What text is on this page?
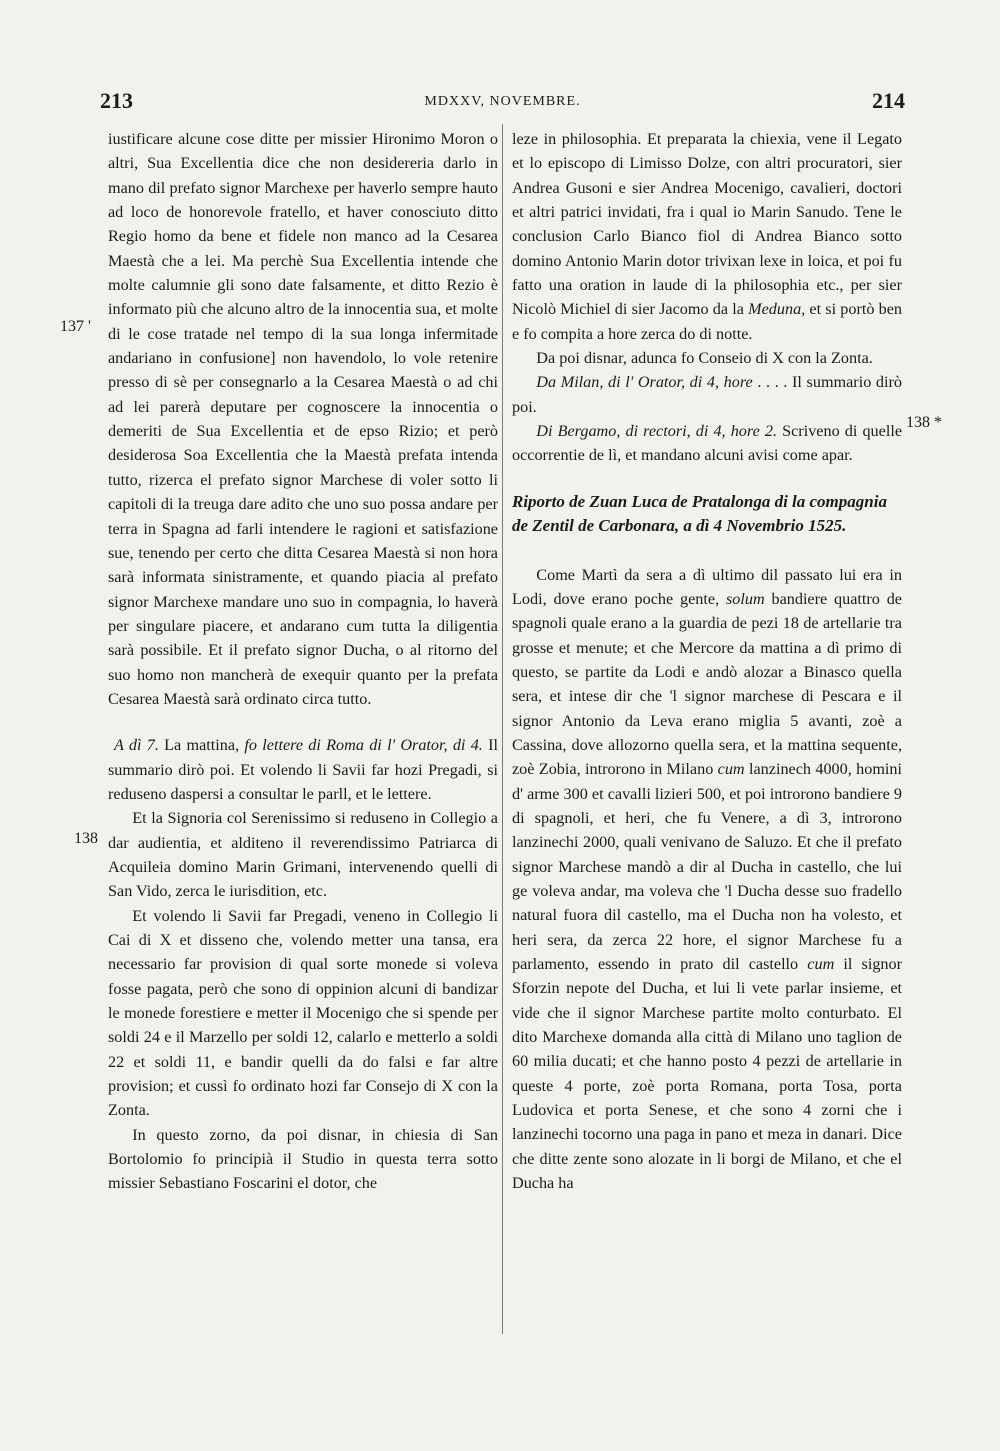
213	MDXXV, NOVEMBRE.	214
137 '
138
138 *

iustificare alcune cose ditte per missier Hironimo Moron o altri, Sua Excellentia dice che non desidereria darlo in mano dil prefato signor Marchexe per haverlo sempre hauto ad loco de honorevole fratello, et haver conosciuto ditto Regio homo da bene et fidele non manco ad la Cesarea Maestà che a lei. Ma perchè Sua Excellentia intende che molte calumnie gli sono date falsamente, et ditto Rezio è informato più che alcuno altro de la innocentia sua, et molte di le cose tratade nel tempo di la sua longa infermitade andariano in confusione] non havendolo, lo vole retenire presso di sè per consegnarlo a la Cesarea Maestà o ad chi ad lei parerà deputare per cognoscere la innocentia o demeriti de Sua Excellentia et de epso Rizio; et però desiderosa Soa Excellentia che la Maestà prefata intenda tutto, rizerca el prefato signor Marchese di voler sotto li capitoli di la treuga dare adito che uno suo possa andare per terra in Spagna ad farli intendere le ragioni et satisfazione sue, tenendo per certo che ditta Cesarea Maestà si non hora sarà informata sinistramente, et quando piacia al prefato signor Marchexe mandare uno suo in compagnia, lo haverà per singulare piacere, et andarano cum tutta la diligentia sarà possibile. Et il prefato signor Ducha, o al ritorno del suo homo non mancherà de exequir quanto per la prefata Cesarea Maestà sarà ordinato circa tutto.

A dì 7. La mattina, fo lettere di Roma di l' Orator, di 4. Il summario dirò poi. Et volendo li Savii far hozi Pregadi, si reduseno daspersi a consultar le parll, et le lettere.

Et la Signoria col Serenissimo si reduseno in Collegio a dar audientia, et alditeno il reverendissimo Patriarca di Acquileia domino Marin Grimani, intervenendo quelli di San Vido, zerca le iurisdition, etc.

Et volendo li Savii far Pregadi, veneno in Collegio li Cai di X et disseno che, volendo metter una tansa, era necessario far provision di qual sorte monede si voleva fosse pagata, però che sono di oppinion alcuni di bandizar le monede forestiere e metter il Mocenigo che si spende per soldi 24 e il Marzello per soldi 12, calarlo e metterlo a soldi 22 et soldi 11, e bandir quelli da do falsi e far altre provision; et cussì fo ordinato hozi far Consejo di X con la Zonta.

In questo zorno, da poi disnar, in chiesia di San Bortolomio fo principià il Studio in questa terra sotto missier Sebastiano Foscarini el dotor, che

leze in philosophia. Et preparata la chiexia, vene il Legato et lo episcopo di Limisso Dolze, con altri procuratori, sier Andrea Gusoni e sier Andrea Mocenigo, cavalieri, doctori et altri patrici invidati, fra i qual io Marin Sanudo. Tene le conclusion Carlo Bianco fiol di Andrea Bianco sotto domino Antonio Marin dotor trivixan lexe in loica, et poi fu fatto una oration in laude di la philosophia etc., per sier Nicolò Michiel di sier Jacomo da la Meduna, et si portò ben e fo compita a hore zerca do di notte.

Da poi disnar, adunca fo Conseio di X con la Zonta.

Da Milan, di l' Orator, di 4, hore . . . . Il summario dirò poi.

Di Bergamo, di rectori, di 4, hore 2. Scriveno di quelle occorrentie de lì, et mandano alcuni avisi come apar.

Riporto de Zuan Luca de Pratalonga di la compagnia de Zentil de Carbonara, a dì 4 Novembrio 1525.

Come Martì da sera a dì ultimo dil passato lui era in Lodi, dove erano poche gente, solum bandiere quattro de spagnoli quale erano a la guardia de pezi 18 de artellarie tra grosse et menute; et che Mercore da mattina a dì primo di questo, se partite da Lodi e andò alozar a Binasco quella sera, et intese dir che 'l signor marchese di Pescara e il signor Antonio da Leva erano miglia 5 avanti, zoè a Cassina, dove allozorno quella sera, et la mattina sequente, zoè Zobia, introrono in Milano cum lanzinech 4000, homini d' arme 300 et cavalli lizieri 500, et poi introrono bandiere 9 di spagnoli, et heri, che fu Venere, a dì 3, introrono lanzinechi 2000, quali venivano de Saluzo. Et che il prefato signor Marchese mandò a dir al Ducha in castello, che lui ge voleva andar, ma voleva che 'l Ducha desse suo fradello natural fuora dil castello, ma el Ducha non ha volesto, et heri sera, da zerca 22 hore, el signor Marchese fu a parlamento, essendo in prato dil castello cum il signor Sforzin nepote del Ducha, et lui li vete parlar insieme, et vide che il signor Marchese partite molto conturbato. El dito Marchexe domanda alla città di Milano uno taglion de 60 milia ducati; et che hanno posto 4 pezzi de artellarie in queste 4 porte, zoè porta Romana, porta Tosa, porta Ludovica et porta Senese, et che sono 4 zorni che i lanzinechi tocorno una paga in pano et meza in danari. Dice che ditte zente sono alozate in li borgi de Milano, et che el Ducha ha
